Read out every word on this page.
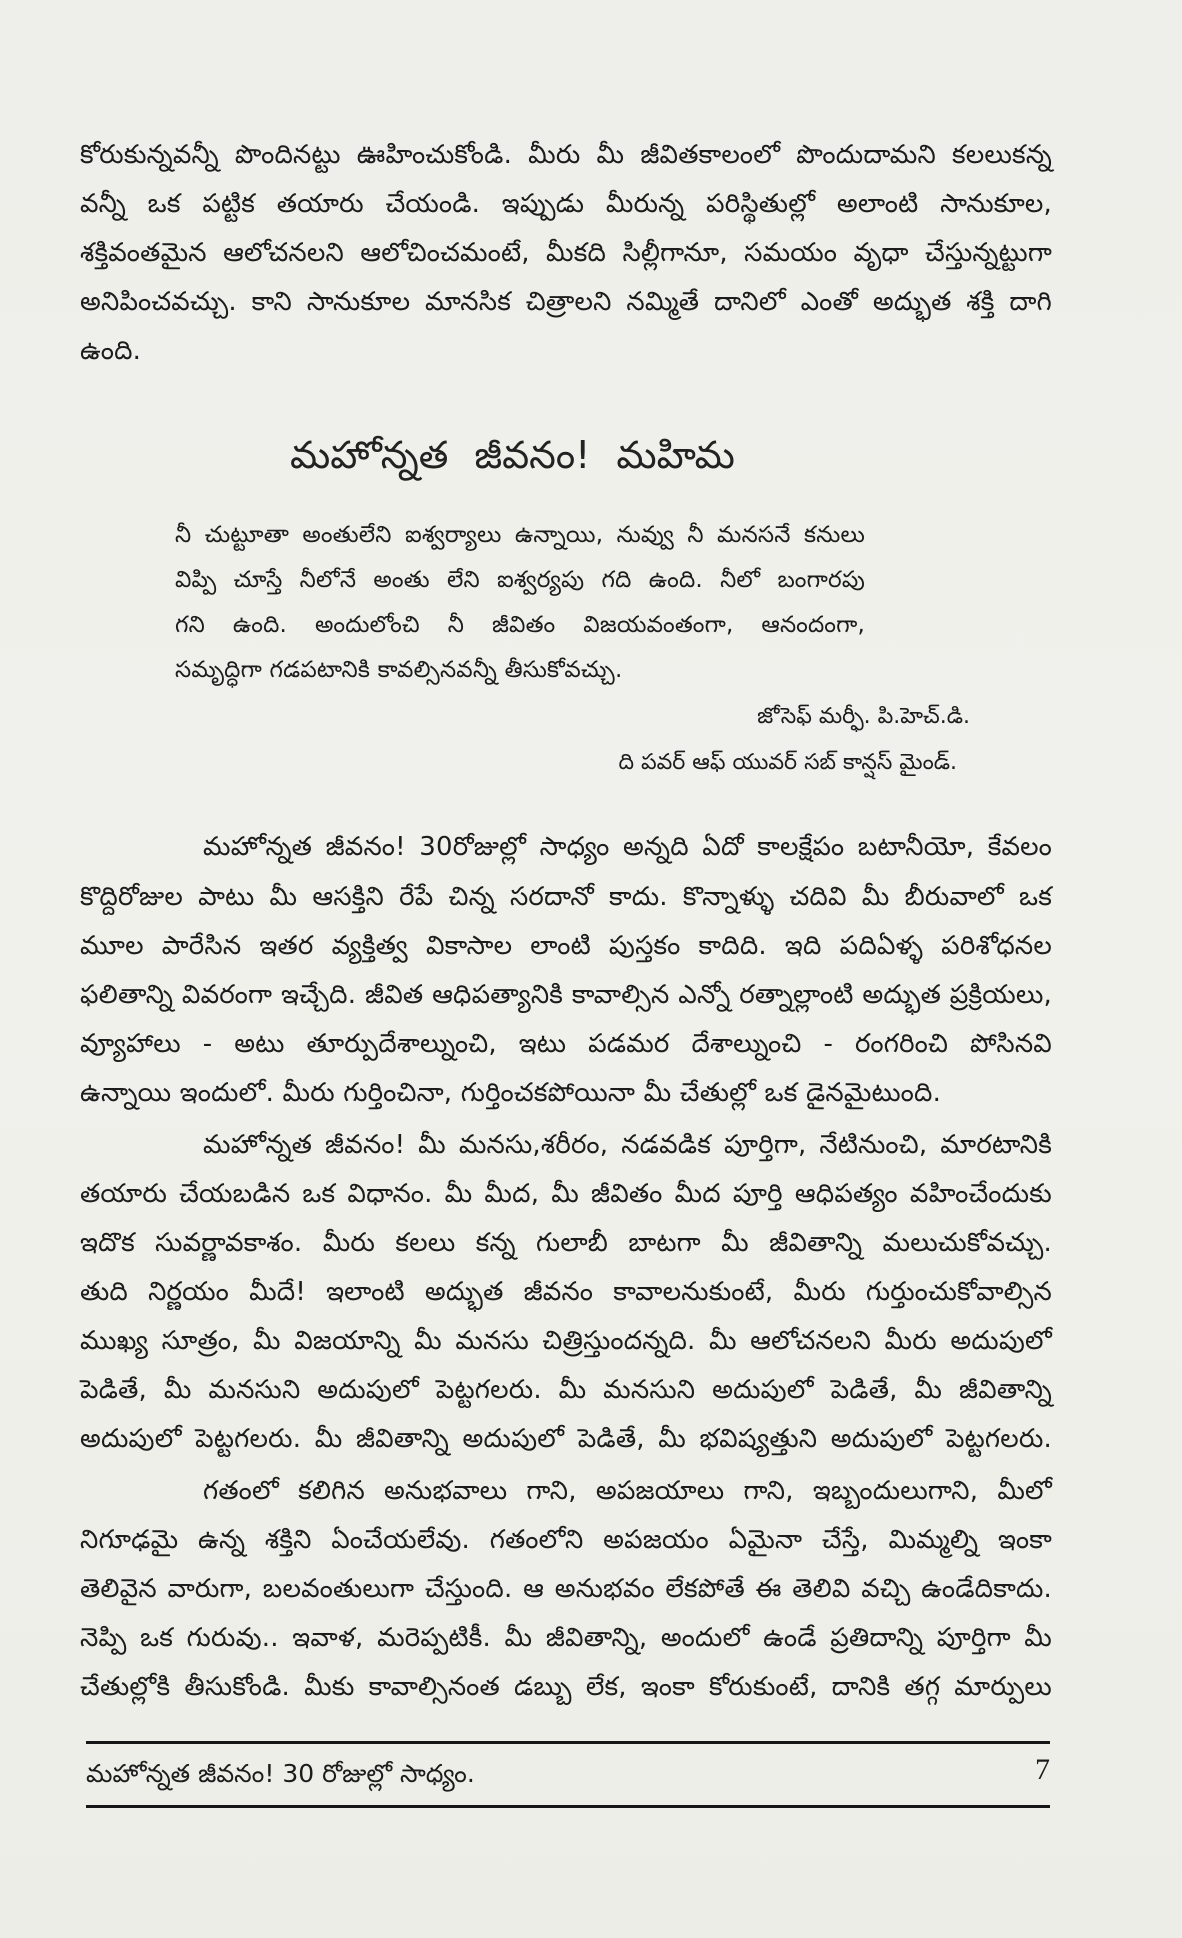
కోరుకున్నవన్నీ పొందినట్టు ఊహించుకోండి. మీరు మీ జీవితకాలంలో పొందుదామని కలలుకన్న
వన్నీ ఒక పట్టిక తయారు చేయండి. ఇప్పుడు మీరున్న పరిస్థితుల్లో అలాంటి సానుకూల,
శక్తివంతమైన ఆలోచనలని ఆలోచించమంటే, మీకది సిల్లీగానూ, సమయం వృధా చేస్తున్నట్టుగా
అనిపించవచ్చు. కాని సానుకూల మానసిక చిత్రాలని నమ్మితే దానిలో ఎంతో అద్భుత శక్తి దాగి
ఉంది.
మహోన్నత జీవనం! మహిమ
నీ చుట్టూతా అంతులేని ఐశ్వర్యాలు ఉన్నాయి, నువ్వు నీ మనసనే కనులు
విప్పి చూస్తే నీలోనే అంతు లేని ఐశ్వర్యపు గది ఉంది. నీలో బంగారపు
గని ఉంది. అందులోంచి నీ జీవితం విజయవంతంగా, ఆనందంగా,
సమృద్ధిగా గడపటానికి కావల్సినవన్నీ తీసుకోవచ్చు.
జోసెఫ్ మర్ఫీ. పి.హెచ్.డి.
ది పవర్ ఆఫ్ యువర్ సబ్ కాన్షస్ మైండ్.
మహోన్నత జీవనం! 30రోజుల్లో సాధ్యం అన్నది ఏదో కాలక్షేపం బటానీయో, కేవలం
కొద్దిరోజుల పాటు మీ ఆసక్తిని రేపే చిన్న సరదానో కాదు. కొన్నాళ్ళు చదివి మీ బీరువాలో ఒక
మూల పారేసిన ఇతర వ్యక్తిత్వ వికాసాల లాంటి పుస్తకం కాదిది. ఇది పదిఏళ్ళ పరిశోధనల
ఫలితాన్ని వివరంగా ఇచ్చేది. జీవిత ఆధిపత్యానికి కావాల్సిన ఎన్నో రత్నాల్లాంటి అద్భుత ప్రక్రియలు,
వ్యూహాలు - అటు తూర్పుదేశాల్నుంచి, ఇటు పడమర దేశాల్నుంచి - రంగరించి పోసినవి
ఉన్నాయి ఇందులో. మీరు గుర్తించినా, గుర్తించకపోయినా మీ చేతుల్లో ఒక డైనమైటుంది.
మహోన్నత జీవనం! మీ మనసు,శరీరం, నడవడిక పూర్తిగా, నేటినుంచి, మారటానికి
తయారు చేయబడిన ఒక విధానం. మీ మీద, మీ జీవితం మీద పూర్తి ఆధిపత్యం వహించేందుకు
ఇదొక సువర్ణావకాశం. మీరు కలలు కన్న గులాబీ బాటగా మీ జీవితాన్ని మలుచుకోవచ్చు.
తుది నిర్ణయం మీదే! ఇలాంటి అద్భుత జీవనం కావాలనుకుంటే, మీరు గుర్తుంచుకోవాల్సిన
ముఖ్య సూత్రం, మీ విజయాన్ని మీ మనసు చిత్రిస్తుందన్నది. మీ ఆలోచనలని మీరు అదుపులో
పెడితే, మీ మనసుని అదుపులో పెట్టగలరు. మీ మనసుని అదుపులో పెడితే, మీ జీవితాన్ని
అదుపులో పెట్టగలరు. మీ జీవితాన్ని అదుపులో పెడితే, మీ భవిష్యత్తుని అదుపులో పెట్టగలరు.
గతంలో కలిగిన అనుభవాలు గాని, అపజయాలు గాని, ఇబ్బందులుగాని, మీలో
నిగూఢమై ఉన్న శక్తిని ఏంచేయలేవు. గతంలోని అపజయం ఏమైనా చేస్తే, మిమ్మల్ని ఇంకా
తెలివైన వారుగా, బలవంతులుగా చేస్తుంది. ఆ అనుభవం లేకపోతే ఈ తెలివి వచ్చి ఉండేదికాదు.
నెప్పి ఒక గురువు.. ఇవాళ, మరెప్పటికీ. మీ జీవితాన్ని, అందులో ఉండే ప్రతిదాన్ని పూర్తిగా మీ
చేతుల్లోకి తీసుకోండి. మీకు కావాల్సినంత డబ్బు లేక, ఇంకా కోరుకుంటే, దానికి తగ్గ మార్పులు
మహోన్నత జీవనం! 30 రోజుల్లో సాధ్యం.	7
